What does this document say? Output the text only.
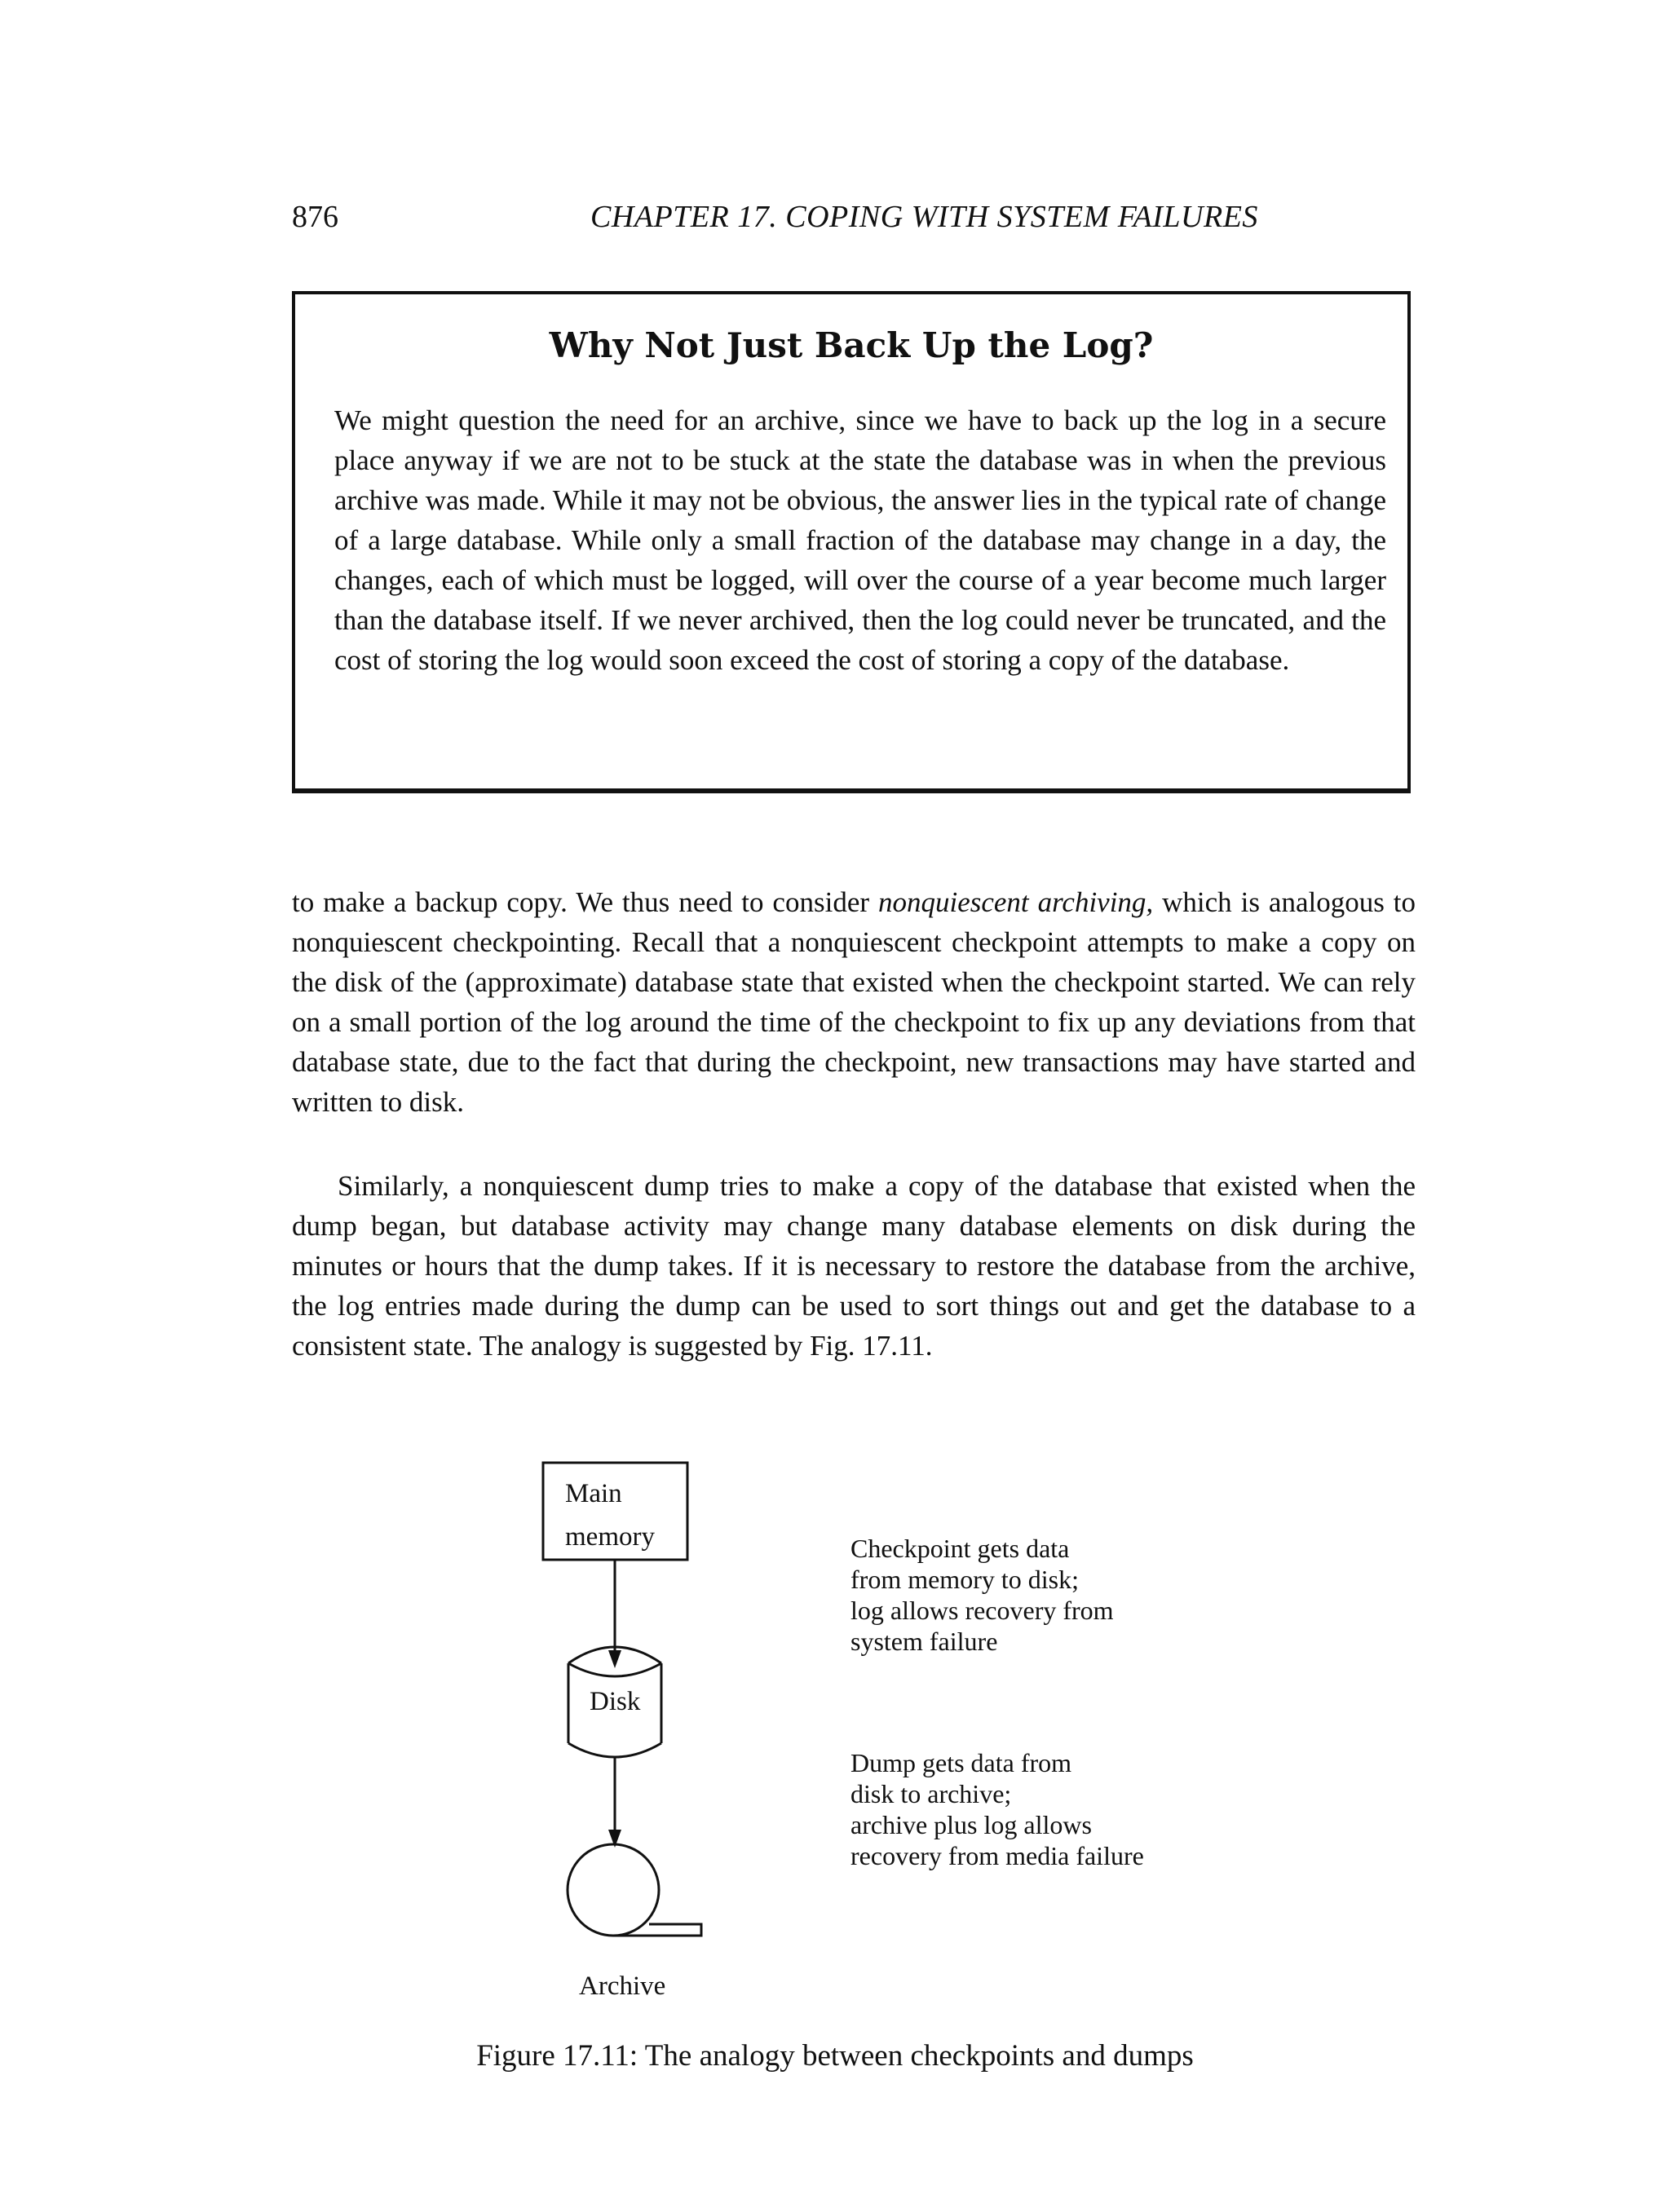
876	CHAPTER 17. COPING WITH SYSTEM FAILURES
Why Not Just Back Up the Log?
We might question the need for an archive, since we have to back up the log in a secure place anyway if we are not to be stuck at the state the database was in when the previous archive was made. While it may not be obvious, the answer lies in the typical rate of change of a large database. While only a small fraction of the database may change in a day, the changes, each of which must be logged, will over the course of a year become much larger than the database itself. If we never archived, then the log could never be truncated, and the cost of storing the log would soon exceed the cost of storing a copy of the database.

to make a backup copy. We thus need to consider nonquiescent archiving, which is analogous to nonquiescent checkpointing. Recall that a nonquiescent checkpoint attempts to make a copy on the disk of the (approximate) database state that existed when the checkpoint started. We can rely on a small portion of the log around the time of the checkpoint to fix up any deviations from that database state, due to the fact that during the checkpoint, new transactions may have started and written to disk.

Similarly, a nonquiescent dump tries to make a copy of the database that existed when the dump began, but database activity may change many database elements on disk during the minutes or hours that the dump takes. If it is necessary to restore the database from the archive, the log entries made during the dump can be used to sort things out and get the database to a consistent state. The analogy is suggested by Fig. 17.11.

Main
memory
Disk
Archive
Checkpoint gets data
from memory to disk;
log allows recovery from
system failure
Dump gets data from
disk to archive;
archive plus log allows
recovery from media failure
Figure 17.11: The analogy between checkpoints and dumps
